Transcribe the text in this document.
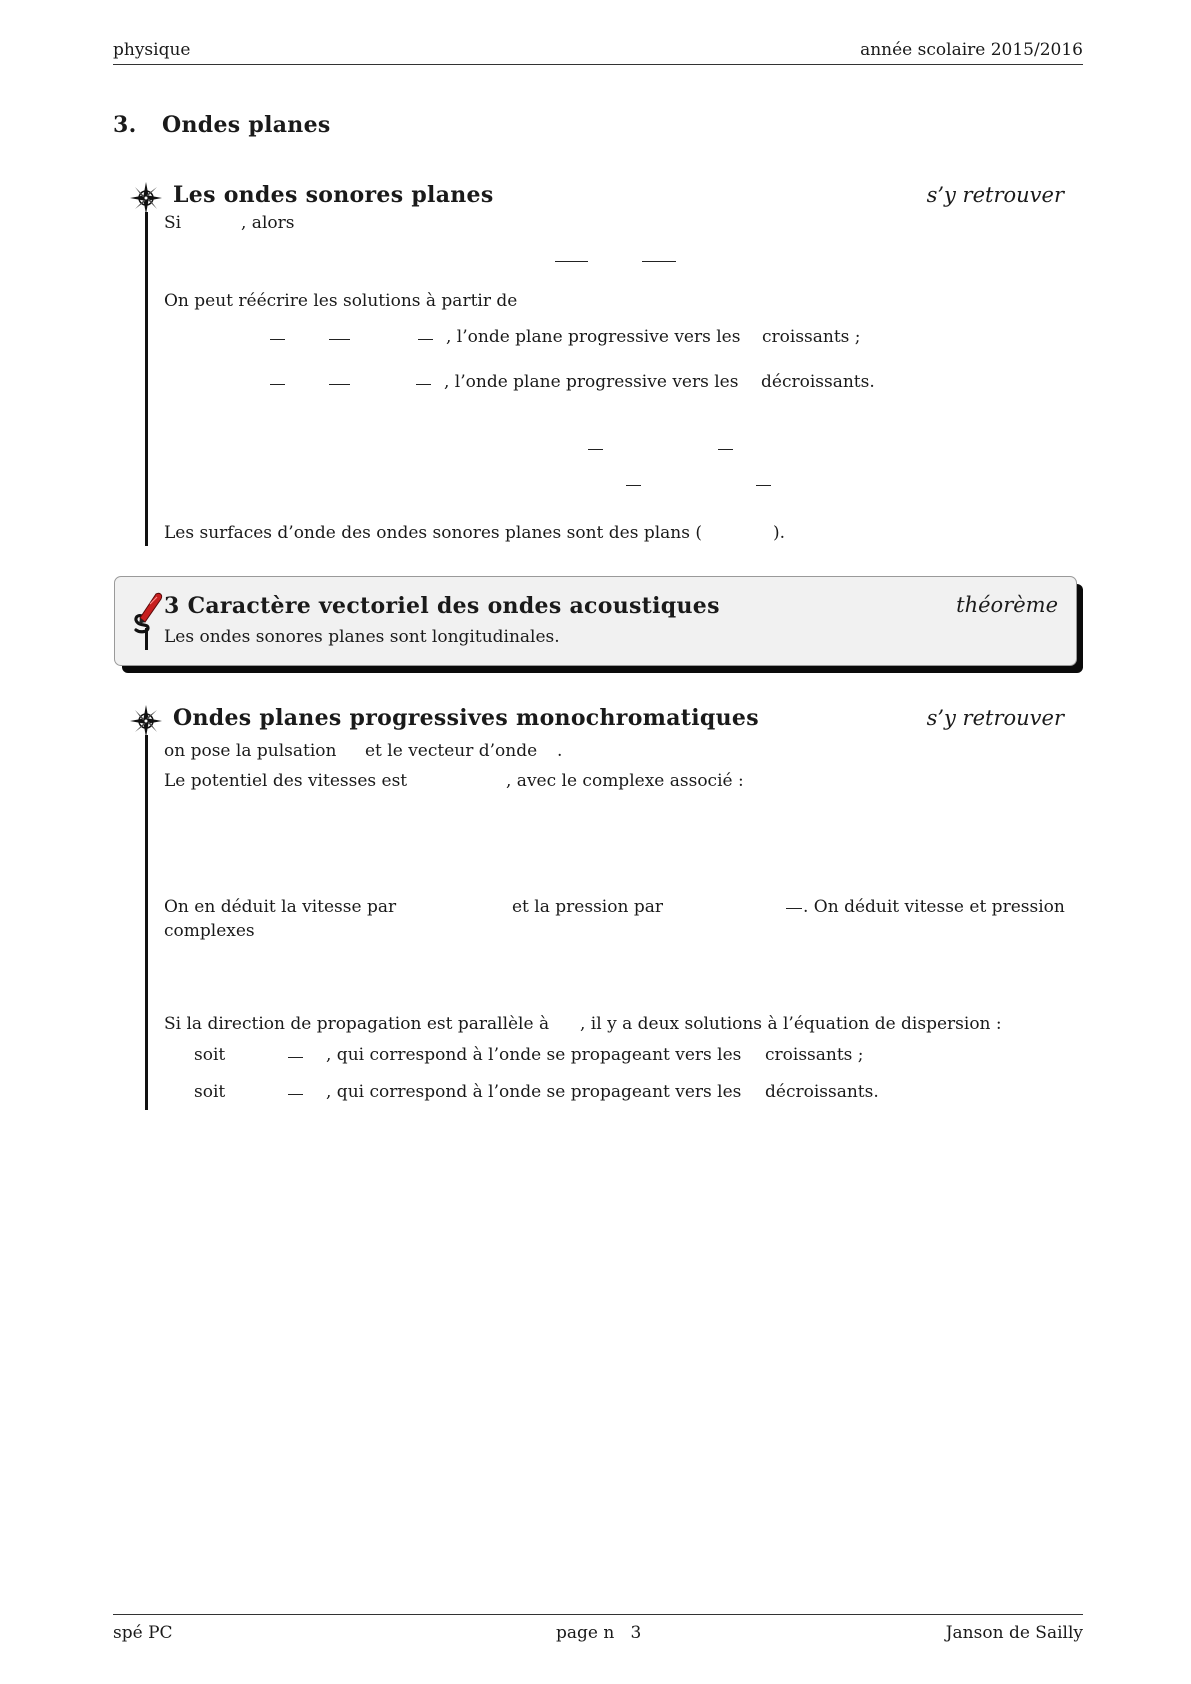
physique	année scolaire 2015/2016
3. Ondes planes
Les ondes sonores planes	s’y retrouver
Si	, alors
On peut réécrire les solutions à partir de
, l’onde plane progressive vers les croissants ;
, l’onde plane progressive vers les décroissants.
Les surfaces d’onde des ondes sonores planes sont des plans (	).
3 Caractère vectoriel des ondes acoustiques	théorème
Les ondes sonores planes sont longitudinales.
Ondes planes progressives monochromatiques	s’y retrouver
on pose la pulsation et le vecteur d’onde .
Le potentiel des vitesses est	, avec le complexe associé :
On en déduit la vitesse par	et la pression par	. On déduit vitesse et pression
complexes
Si la direction de propagation est parallèle à , il y a deux solutions à l’équation de dispersion :
soit	, qui correspond à l’onde se propageant vers les croissants ;
soit	, qui correspond à l’onde se propageant vers les décroissants.
spé PC	page n   3	Janson de Sailly
